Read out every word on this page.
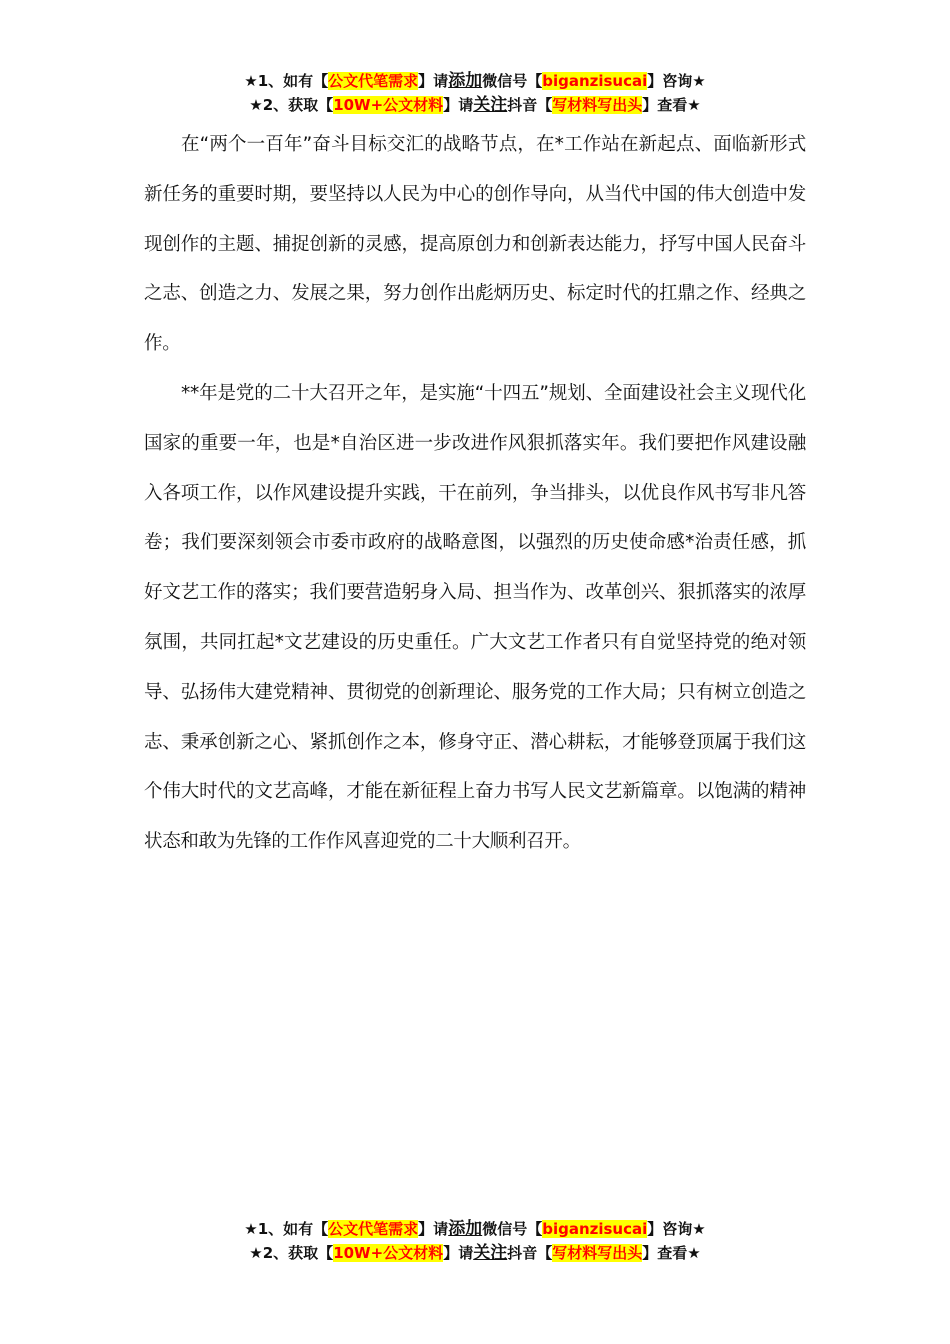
★1、如有【公文代笔需求】请添加微信号【biganzisucai】咨询★
★2、获取【10W+公文材料】请关注抖音【写材料写出头】查看★

在“两个一百年”奋斗目标交汇的战略节点，在*工作站在新起点、面临新形式新任务的重要时期，要坚持以人民为中心的创作导向，从当代中国的伟大创造中发现创作的主题、捕捉创新的灵感，提高原创力和创新表达能力，抒写中国人民奋斗之志、创造之力、发展之果，努力创作出彪炳历史、标定时代的扛鼎之作、经典之作。

**年是党的二十大召开之年，是实施“十四五”规划、全面建设社会主义现代化国家的重要一年，也是*自治区进一步改进作风狠抓落实年。我们要把作风建设融入各项工作，以作风建设提升实践，干在前列，争当排头，以优良作风书写非凡答卷；我们要深刻领会市委市政府的战略意图，以强烈的历史使命感*治责任感，抓好文艺工作的落实；我们要营造躬身入局、担当作为、改革创兴、狠抓落实的浓厚氛围，共同扛起*文艺建设的历史重任。广大文艺工作者只有自觉坚持党的绝对领导、弘扬伟大建党精神、贯彻党的创新理论、服务党的工作大局；只有树立创造之志、秉承创新之心、紧抓创作之本，修身守正、潜心耕耘，才能够登顶属于我们这个伟大时代的文艺高峰，才能在新征程上奋力书写人民文艺新篇章。以饱满的精神状态和敢为先锋的工作作风喜迎党的二十大顺利召开。

★1、如有【公文代笔需求】请添加微信号【biganzisucai】咨询★
★2、获取【10W+公文材料】请关注抖音【写材料写出头】查看★
